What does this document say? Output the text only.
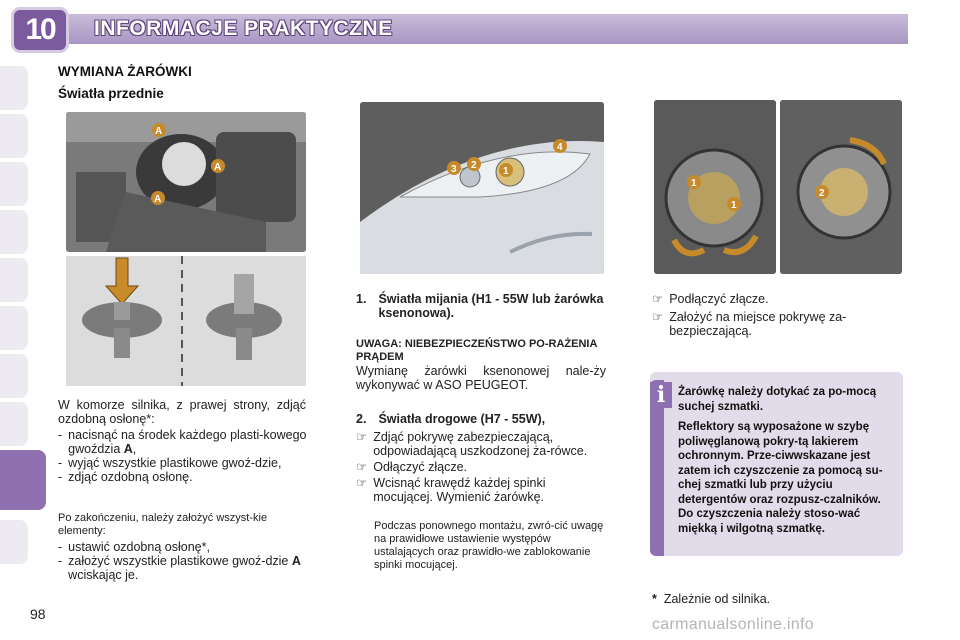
10	INFORMACJE PRAKTYCZNE
WYMIANA ŻARÓWKI
Światła przednie
A
A
A
W komorze silnika, z prawej strony, zdjąć ozdobną osłonę*:
- nacisnąć na środek każdego plasti-kowego gwoździa A,
- wyjąć wszystkie plastikowe gwoź-dzie,
- zdjąć ozdobną osłonę.
Po zakończeniu, należy założyć wszyst-kie elementy:
- ustawić ozdobną osłonę*,
- założyć wszystkie plastikowe gwoź-dzie A wciskając je.
1
2
3
4
1. Światła mijania (H1 - 55W lub żarówka ksenonowa).
UWAGA: NIEBEZPIECZEŃSTWO PO-RAŻENIA PRĄDEM
Wymianę żarówki ksenonowej nale-ży wykonywać w ASO PEUGEOT.
2. Światła drogowe (H7 - 55W),
☞ Zdjąć pokrywę zabezpieczającą, odpowiadającą uszkodzonej ża-rówce.
☞ Odłączyć złącze.
☞ Wcisnąć krawędź każdej spinki mocującej. Wymienić żarówkę.
Podczas ponownego montażu, zwró-cić uwagę na prawidłowe ustawienie występów ustalających oraz prawidło-we zablokowanie spinki mocującej.
1
1
2
☞ Podłączyć złącze.
☞ Założyć na miejsce pokrywę za-bezpieczającą.
i	Żarówkę należy dotykać za po-mocą suchej szmatki.
Reflektory są wyposażone w szybę poliwęglanową pokry-tą lakierem ochronnym. Prze-ciwwskazane jest zatem ich czyszczenie za pomocą su-chej szmatki lub przy użyciu detergentów oraz rozpusz-czalników.
Do czyszczenia należy stoso-wać miękką i wilgotną szmatkę.
* Zależnie od silnika.
98
carmanualsonline.info
